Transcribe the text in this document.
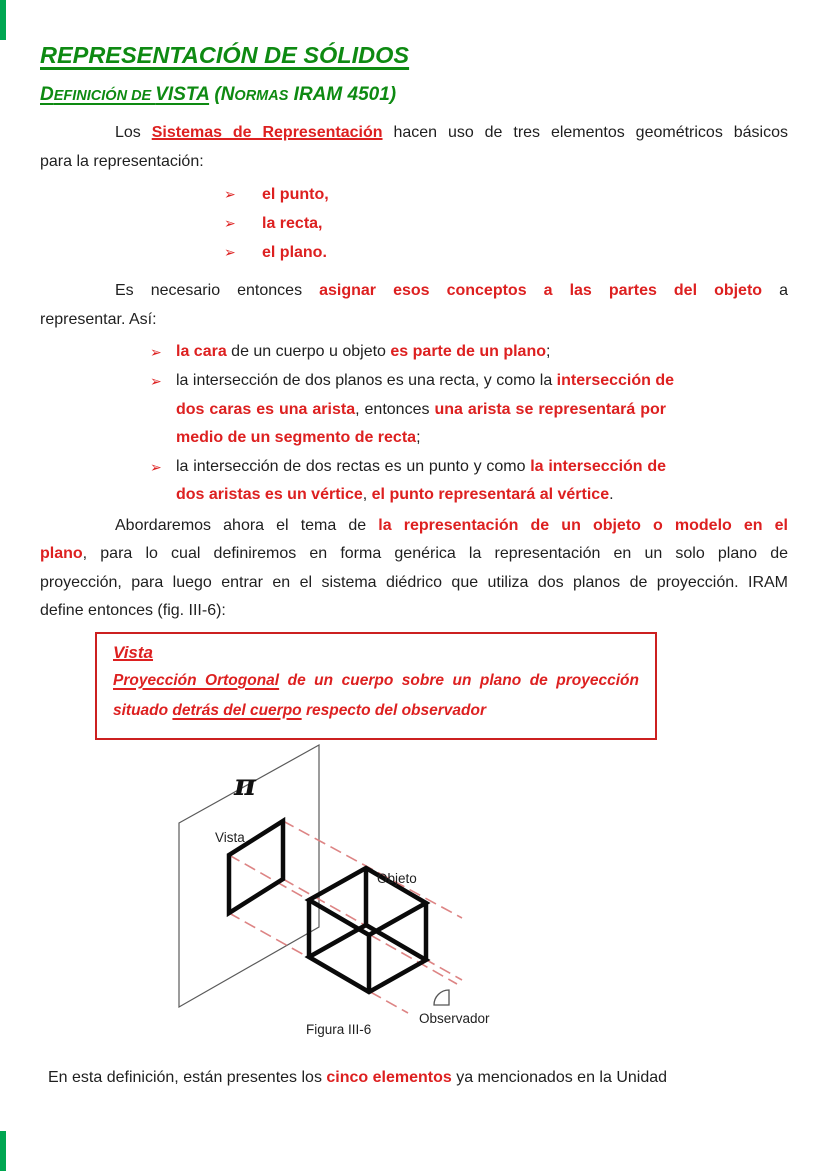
REPRESENTACIÓN DE SÓLIDOS
DEFINICIÓN DE VISTA (NORMAS IRAM 4501)
Los Sistemas de Representación hacen uso de tres elementos geométricos básicos
para la representación:
➢	el punto,
➢	la recta,
➢	el plano.
Es necesario entonces asignar esos conceptos a las partes del objeto a
representar. Así:
➢ la cara de un cuerpo u objeto es parte de un plano;
➢ la intersección de dos planos es una recta, y como la intersección de
dos caras es una arista, entonces una arista se representará por
medio de un segmento de recta;
➢ la intersección de dos rectas es un punto y como la intersección de
dos aristas es un vértice, el punto representará al vértice.
Abordaremos ahora el tema de la representación de un objeto o modelo en el
plano, para lo cual definiremos en forma genérica la representación en un solo plano de
proyección, para luego entrar en el sistema diédrico que utiliza dos planos de proyección. IRAM
define entonces (fig. III-6):
Vista
Proyección Ortogonal de un cuerpo sobre un plano de proyección
situado detrás del cuerpo respecto del observador
π
Vista
Objeto
Observador
Figura III-6
En esta definición, están presentes los cinco elementos ya mencionados en la Unidad
